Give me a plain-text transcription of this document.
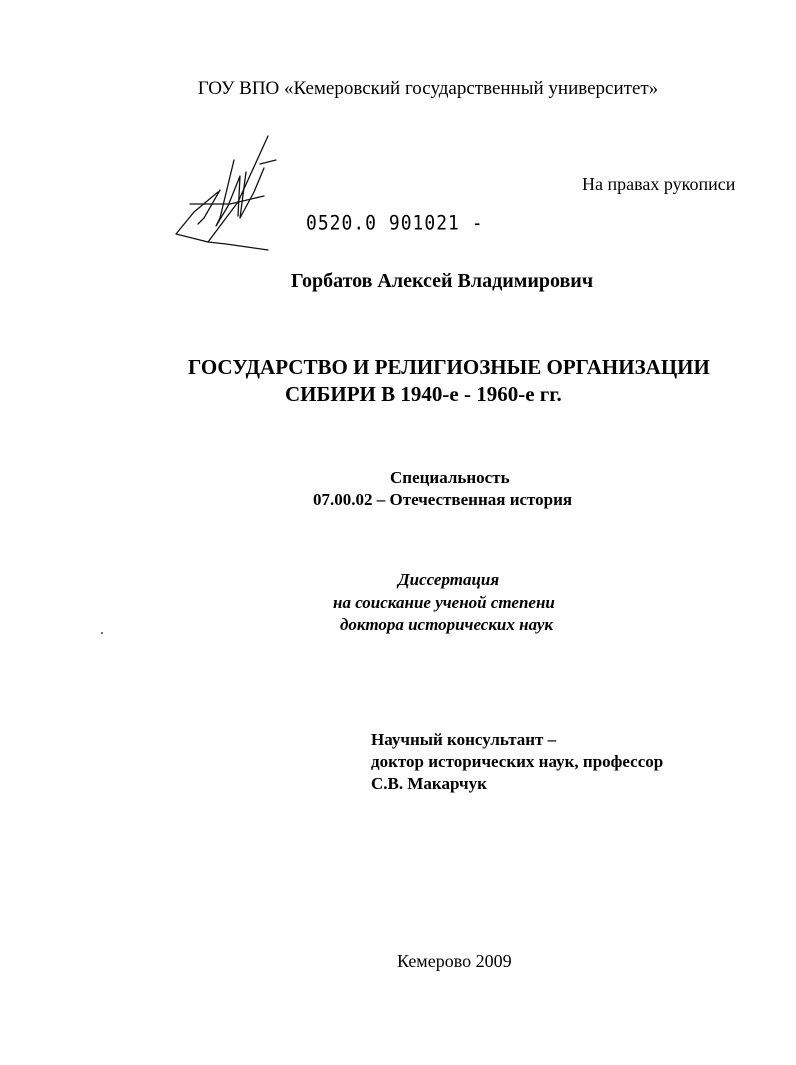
ГОУ ВПО «Кемеровский государственный университет»
На правах рукописи
0520.0 901021 -
Горбатов Алексей Владимирович
ГОСУДАРСТВО И РЕЛИГИОЗНЫЕ ОРГАНИЗАЦИИ
СИБИРИ В 1940-е - 1960-е гг.
Специальность
07.00.02 – Отечественная история
Диссертация
на соискание ученой степени
доктора исторических наук
Научный консультант –
доктор исторических наук, профессор
С.В. Макарчук
Кемерово 2009
